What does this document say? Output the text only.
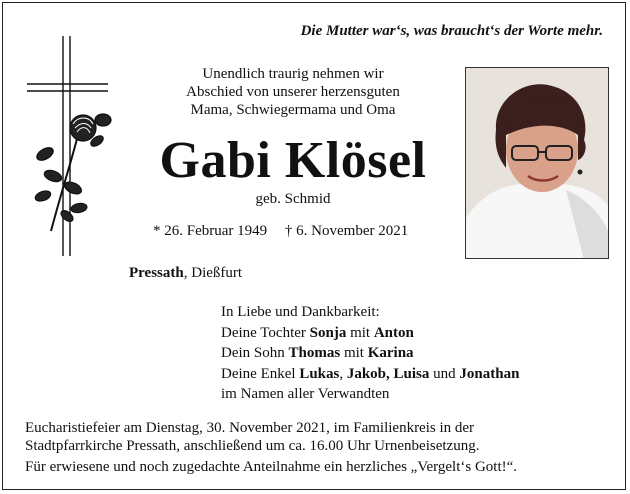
Die Mutter war‘s, was braucht‘s der Worte mehr.
Unendlich traurig nehmen wir
Abschied von unserer herzensguten
Mama, Schwiegermama und Oma
Gabi Klösel
geb. Schmid
* 26. Februar 1949 † 6. November 2021
Pressath, Dießfurt
In Liebe und Dankbarkeit:
Deine Tochter Sonja mit Anton
Dein Sohn Thomas mit Karina
Deine Enkel Lukas, Jakob, Luisa und Jonathan
im Namen aller Verwandten
Eucharistiefeier am Dienstag, 30. November 2021, im Familienkreis in der
Stadtpfarrkirche Pressath, anschließend um ca. 16.00 Uhr Urnenbeisetzung.
Für erwiesene und noch zugedachte Anteilnahme ein herzliches „Vergelt‘s Gott!“.
